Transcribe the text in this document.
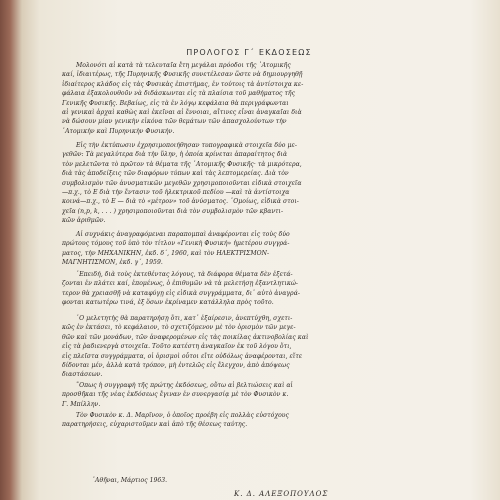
ΠΡΟΛΟΓΟΣ Γ΄ ΕΚΔΟΣΕΩΣ
Μολονότι αἱ κατὰ τὰ τελευταῖα ἔτη μεγάλαι πρόοδοι τῆς ῾Ατομικῆς
καί, ἰδιαιτέρως, τῆς Πυρηνικῆς Φυσικῆς συνετέλεσαν ὥστε νὰ δημιουργηθῇ
ἰδιαίτερος κλάδος εἰς τὰς Φυσικὰς ἐπιστήμας, ἐν τούτοις τὰ ἀντίστοιχα κε-
φάλαια ἐξακολουθοῦν νὰ διδάσκωνται εἰς τὰ πλαίσια τοῦ μαθήματος τῆς
Γενικῆς Φυσικῆς. Βεβαίως, εἰς τὰ ἐν λόγῳ κεφάλαια θὰ περιγράφωνται
αἱ γενικαὶ ἀρχαὶ καθὼς καὶ ἐκεῖναι αἱ ἔννοιαι, αἵτινες εἶναι ἀναγκαῖαι διὰ
νὰ δώσουν μίαν γενικὴν εἰκόνα τῶν θεμάτων τῶν ἀπασχολούντων τὴν
῾Ατομικὴν καὶ Πυρηνικὴν Φυσικήν.
Εἰς τὴν ἐκτύπωσιν ἐχρησιμοποιήθησαν τυπογραφικὰ στοιχεῖα δύο με-
γεθῶν: Τὰ μεγαλύτερα διὰ τὴν ὕλην, ἡ ὁποία κρίνεται ἀπαραίτητος διὰ
τὸν μελετῶντα τὸ πρῶτον τὰ θέματα τῆς ῾Ατομικῆς Φυσικῆς· τὰ μικρότερα,
διὰ τὰς ἀποδείξεις τῶν διαφόρων τύπων καὶ τὰς λεπτομερείας. Διὰ τὸν
συμβολισμὸν τῶν ἀνυσματικῶν μεγεθῶν χρησιμοποιοῦνται εἰδικὰ στοιχεῖα
—π.χ., τὸ E διὰ τὴν ἔντασιν τοῦ ἠλεκτρικοῦ πεδίου —καὶ τὰ ἀντίστοιχα
κοινά—π.χ., τὸ E — διὰ τὸ «μέτρον» τοῦ ἀνύσματος. ῾Ομοίως, εἰδικὰ στοι-
χεῖα (n,p, k, . . . ) χρησιμοποιοῦνται διὰ τὸν συμβολισμὸν τῶν κβαντι-
κῶν ἀριθμῶν.
Αἱ συχνάκις ἀναγραφόμεναι παραπομπαὶ ἀναφέρονται εἰς τοὺς δύο
πρώτους τόμους τοῦ ὑπὸ τὸν τίτλον «Γενικὴ Φυσική» ἡμετέρου συγγρά-
ματος, τὴν ΜΗΧΑΝΙΚΗΝ, ἐκδ. δ΄, 1960, καὶ τὸν ΗΛΕΚΤΡΙΣΜΟΝ-
ΜΑΓΝΗΤΙΣΜΟΝ, ἐκδ. γ΄, 1959.
῾Επειδή, διὰ τοὺς ἐκτεθέντας λόγους, τὰ διάφορα θέματα δὲν ἐξετά-
ζονται ἐν πλάτει καί, ἑπομένως, ὁ ἐπιθυμῶν νὰ τὰ μελετήσῃ ἐξαντλητικώ-
τερον θὰ χρειασθῇ νὰ καταφύγῃ εἰς εἰδικὰ συγγράμματα, δι᾽ αὐτὸ ἀναγρά-
φονται κατωτέρω τινά, ἐξ ὅσων ἐκρίναμεν κατάλληλα πρὸς τοῦτο.
῾Ο μελετητὴς θὰ παρατηρήσῃ ὅτι, κατ᾽ ἐξαίρεσιν, ἀνεπτύχθη, σχετι-
κῶς ἐν ἐκτάσει, τὸ κεφάλαιον, τὸ σχετιζόμενον μὲ τὸν ὁρισμὸν τῶν μεγε-
θῶν καὶ τῶν μονάδων, τῶν ἀναφερομένων εἰς τὰς ποικίλας ἀκτινοβολίας καὶ
εἰς τὰ ῥαδιενεργὰ στοιχεῖα. Τοῦτο κατέστη ἀναγκαῖον ἐκ τοῦ λόγου ὅτι,
εἰς πλεῖστα συγγράμματα, οἱ ὁρισμοὶ οὗτοι εἴτε οὐδόλως ἀναφέρονται, εἴτε
δίδονται μέν, ἀλλὰ κατὰ τρόπον, μὴ ἐντελῶς εἰς ἔλεγχον, ἀπὸ ἀπόψεως
διαστάσεων.
῞Οπως ἡ συγγραφὴ τῆς πρώτης ἐκδόσεως, οὕτω αἱ βελτιώσεις καὶ αἱ
προσθῆκαι τῆς νέας ἐκδόσεως ἔγιναν ἐν συνεργασίᾳ μὲ τὸν Φυσικὸν κ.
Γ. Μπίλλην.
Τὸν Φυσικὸν κ. Δ. Μαρῖνον, ὁ ὁποῖος προέβη εἰς πολλὰς εὐστόχους
παρατηρήσεις, εὐχαριστοῦμεν καὶ ἀπὸ τῆς θέσεως ταύτης.
᾽Αθῆναι, Μάρτιος 1963.
Κ. Δ. ΑΛΕΞΟΠΟΥΛΟΣ
